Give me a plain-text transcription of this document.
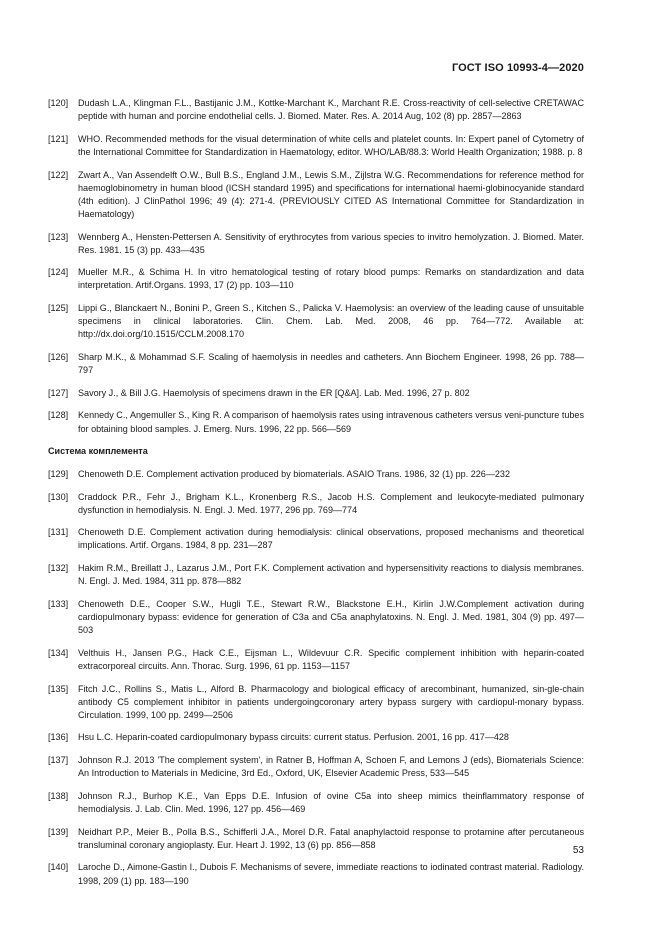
ГОСТ ISO 10993-4—2020
[120]	Dudash L.A., Klingman F.L., Bastijanic J.M., Kottke-Marchant K., Marchant R.E. Cross-reactivity of cell-selective CRETAWAC peptide with human and porcine endothelial cells. J. Biomed. Mater. Res. A. 2014 Aug, 102 (8) pp. 2857—2863
[121]	WHO. Recommended methods for the visual determination of white cells and platelet counts. In: Expert panel of Cytometry of the International Committee for Standardization in Haematology, editor. WHO/LAB/88.3: World Health Organization; 1988. p. 8
[122]	Zwart A., Van Assendelft O.W., Bull B.S., England J.M., Lewis S.M., Zijlstra W.G. Recommendations for reference method for haemoglobinometry in human blood (ICSH standard 1995) and specifications for international haemi-globinocyanide standard (4th edition). J ClinPathol 1996; 49 (4): 271-4. (PREVIOUSLY CITED AS International Committee for Standardization in Haematology)
[123]	Wennberg A., Hensten-Pettersen A. Sensitivity of erythrocytes from various species to invitro hemolyzation. J. Biomed. Mater. Res. 1981. 15 (3) pp. 433—435
[124]	Mueller M.R., & Schima H. In vitro hematological testing of rotary blood pumps: Remarks on standardization and data interpretation. Artif.Organs. 1993, 17 (2) pp. 103—110
[125]	Lippi G., Blanckaert N., Bonini P., Green S., Kitchen S., Palicka V. Haemolysis: an overview of the leading cause of unsuitable specimens in clinical laboratories. Clin. Chem. Lab. Med. 2008, 46 pp. 764—772. Available at: http://dx.doi.org/10.1515/CCLM.2008.170
[126]	Sharp M.K., & Mohammad S.F. Scaling of haemolysis in needles and catheters. Ann Biochem Engineer. 1998, 26 pp. 788—797
[127]	Savory J., & Bill J.G. Haemolysis of specimens drawn in the ER [Q&A]. Lab. Med. 1996, 27 p. 802
[128]	Kennedy C., Angemuller S., King R. A comparison of haemolysis rates using intravenous catheters versus veni-puncture tubes for obtaining blood samples. J. Emerg. Nurs. 1996, 22 pp. 566—569
Система комплемента
[129]	Chenoweth D.E. Complement activation produced by biomaterials. ASAIO Trans. 1986, 32 (1) pp. 226—232
[130]	Craddock P.R., Fehr J., Brigham K.L., Kronenberg R.S., Jacob H.S. Complement and leukocyte-mediated pulmonary dysfunction in hemodialysis. N. Engl. J. Med. 1977, 296 pp. 769—774
[131]	Chenoweth D.E. Complement activation during hemodialysis: clinical observations, proposed mechanisms and theoretical implications. Artif. Organs. 1984, 8 pp. 231—287
[132]	Hakim R.M., Breillatt J., Lazarus J.M., Port F.K. Complement activation and hypersensitivity reactions to dialysis membranes. N. Engl. J. Med. 1984, 311 pp. 878—882
[133]	Chenoweth D.E., Cooper S.W., Hugli T.E., Stewart R.W., Blackstone E.H., Kirlin J.W.Complement activation during cardiopulmonary bypass: evidence for generation of C3a and C5a anaphylatoxins. N. Engl. J. Med. 1981, 304 (9) pp. 497—503
[134]	Velthuis H., Jansen P.G., Hack C.E., Eijsman L., Wildevuur C.R. Specific complement inhibition with heparin-coated extracorporeal circuits. Ann. Thorac. Surg. 1996, 61 pp. 1153—1157
[135]	Fitch J.C., Rollins S., Matis L., Alford B. Pharmacology and biological efficacy of arecombinant, humanized, sin-gle-chain antibody C5 complement inhibitor in patients undergoingcoronary artery bypass surgery with cardiopul-monary bypass. Circulation. 1999, 100 pp. 2499—2506
[136]	Hsu L.C. Heparin-coated cardiopulmonary bypass circuits: current status. Perfusion. 2001, 16 pp. 417—428
[137]	Johnson R.J. 2013 'The complement system', in Ratner B, Hoffman A, Schoen F, and Lemons J (eds), Biomaterials Science: An Introduction to Materials in Medicine, 3rd Ed., Oxford, UK, Elsevier Academic Press, 533—545
[138]	Johnson R.J., Burhop K.E., Van Epps D.E. Infusion of ovine C5a into sheep mimics theinflammatory response of hemodialysis. J. Lab. Clin. Med. 1996, 127 pp. 456—469
[139]	Neidhart P.P., Meier B., Polla B.S., Schifferli J.A., Morel D.R. Fatal anaphylactoid response to protamine after percutaneous transluminal coronary angioplasty. Eur. Heart J. 1992, 13 (6) pp. 856—858
[140]	Laroche D., Aimone-Gastin I., Dubois F. Mechanisms of severe, immediate reactions to iodinated contrast material. Radiology. 1998, 209 (1) pp. 183—190
53
